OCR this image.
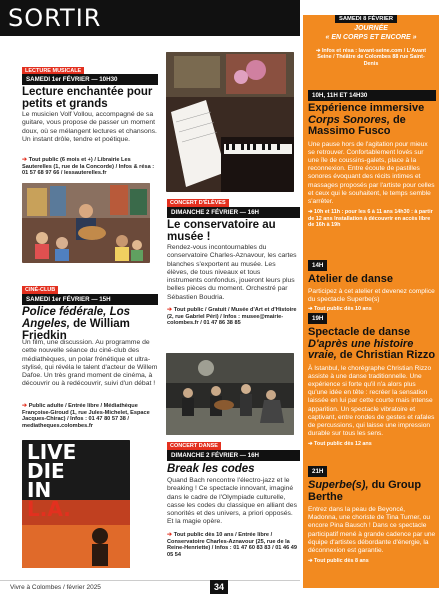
SORTIR
LECTURE MUSICALE
SAMEDI 1er FÉVRIER — 10H30
Lecture enchantée pour petits et grands
Le musicien Volf Vollou, accompagné de sa guitare, vous propose de passer un moment doux, où se mélangent lectures et chansons. Un instant drôle, tendre et poétique.
➔ Tout public (6 mois et +) / Librairie Les Sauterelles (1, rue de la Concorde) / Infos & résa : 01 57 68 97 66 / lessauterelles.fr
CINÉ-CLUB
SAMEDI 1er FÉVRIER — 15H
Police fédérale, Los Angeles, de William Friedkin
Un film, une discussion. Au programme de cette nouvelle séance du ciné-club des médiathèques, un polar frénétique et ultra-stylisé, qui révéla le talent d'acteur de Willem Dafoe. Un très grand moment de cinéma, à découvrir ou à redécouvrir, suivi d'un débat !
➔ Public adulte / Entrée libre / Médiathèque Françoise-Giroud (1, rue Jules-Michelet, Espace Jacques-Chirac) / Infos : 01 47 80 57 38 / mediatheques.colombes.fr
LIVE
DIE
IN
L.A.
CONCERT D'ÉLÈVES
DIMANCHE 2 FÉVRIER — 16H
Le conservatoire au musée !
Rendez-vous incontournables du conservatoire Charles-Aznavour, les cartes blanches s'exportent au musée. Les élèves, de tous niveaux et tous instruments confondus, joueront leurs plus belles pièces du moment. Orchestré par Sébastien Boudria.
➔ Tout public / Gratuit / Musée d'Art et d'Histoire (2, rue Gabriel Péri) / Infos : musee@mairie-colombes.fr / 01 47 86 38 85
CONCERT DANSE
DIMANCHE 2 FÉVRIER — 16H
Break les codes
Quand Bach rencontre l'électro-jazz et le breaking ! Ce spectacle innovant, imaginé dans le cadre de l'Olympiade culturelle, casse les codes du classique en alliant des sonorités et des univers, a priori opposés. Et la magie opère.
➔ Tout public dès 10 ans / Entrée libre / Conservatoire Charles-Aznavour (25, rue de la Reine-Henriette) / Infos : 01 47 60 83 83 / 01 46 49 05 54
SAMEDI 8 FÉVRIER
JOURNÉE
« EN CORPS ET ENCORE »
➔ Infos et résa : lavant-seine.com / L'Avant Seine / Théâtre de Colombes 88 rue Saint-Denis
10H, 11H ET 14H30
Expérience immersive Corps Sonores, de Massimo Fusco
Une pause hors de l'agitation pour mieux se retrouver. Confortablement lovés sur une île de coussins-galets, place à la reconnexion. Entre écoute de pastilles sonores évoquant des récits intimes et massages proposés par l'artiste pour celles et ceux qui le souhaitent, le temps semble s'arrêter.
➔ 10h et 11h : pour les 6 à 11 ans 14h30 : à partir de 12 ans Installation à découvrir en accès libre de 16h à 19h
14H
Atelier de danse
Participez à cet atelier et devenez complice du spectacle Superbe(s)
➔ Tout public dès 10 ans
19H
Spectacle de danse D'après une histoire vraie, de Christian Rizzo
À Istanbul, le chorégraphe Christian Rizzo assiste à une danse traditionnelle. Une expérience si forte qu'il n'a alors plus qu'une idée en tête : recréer la sensation laissée en lui par cette courte mais intense apparition. Un spectacle vibratoire et captivant, entre rondes de gestes et rafales de percussions, qui laisse une impression durable sur tous les sens.
➔ Tout public dès 12 ans
21H
Superbe(s), du Group Berthe
Entrez dans la peau de Beyoncé, Madonna, une choriste de Tina Turner, ou encore Pina Bausch ! Dans ce spectacle participatif mené à grande cadence par une équipe d'artistes débordante d'énergie, la déconnexion est garantie.
➔ Tout public dès 8 ans
Vivre à Colombes / février 2025	34
